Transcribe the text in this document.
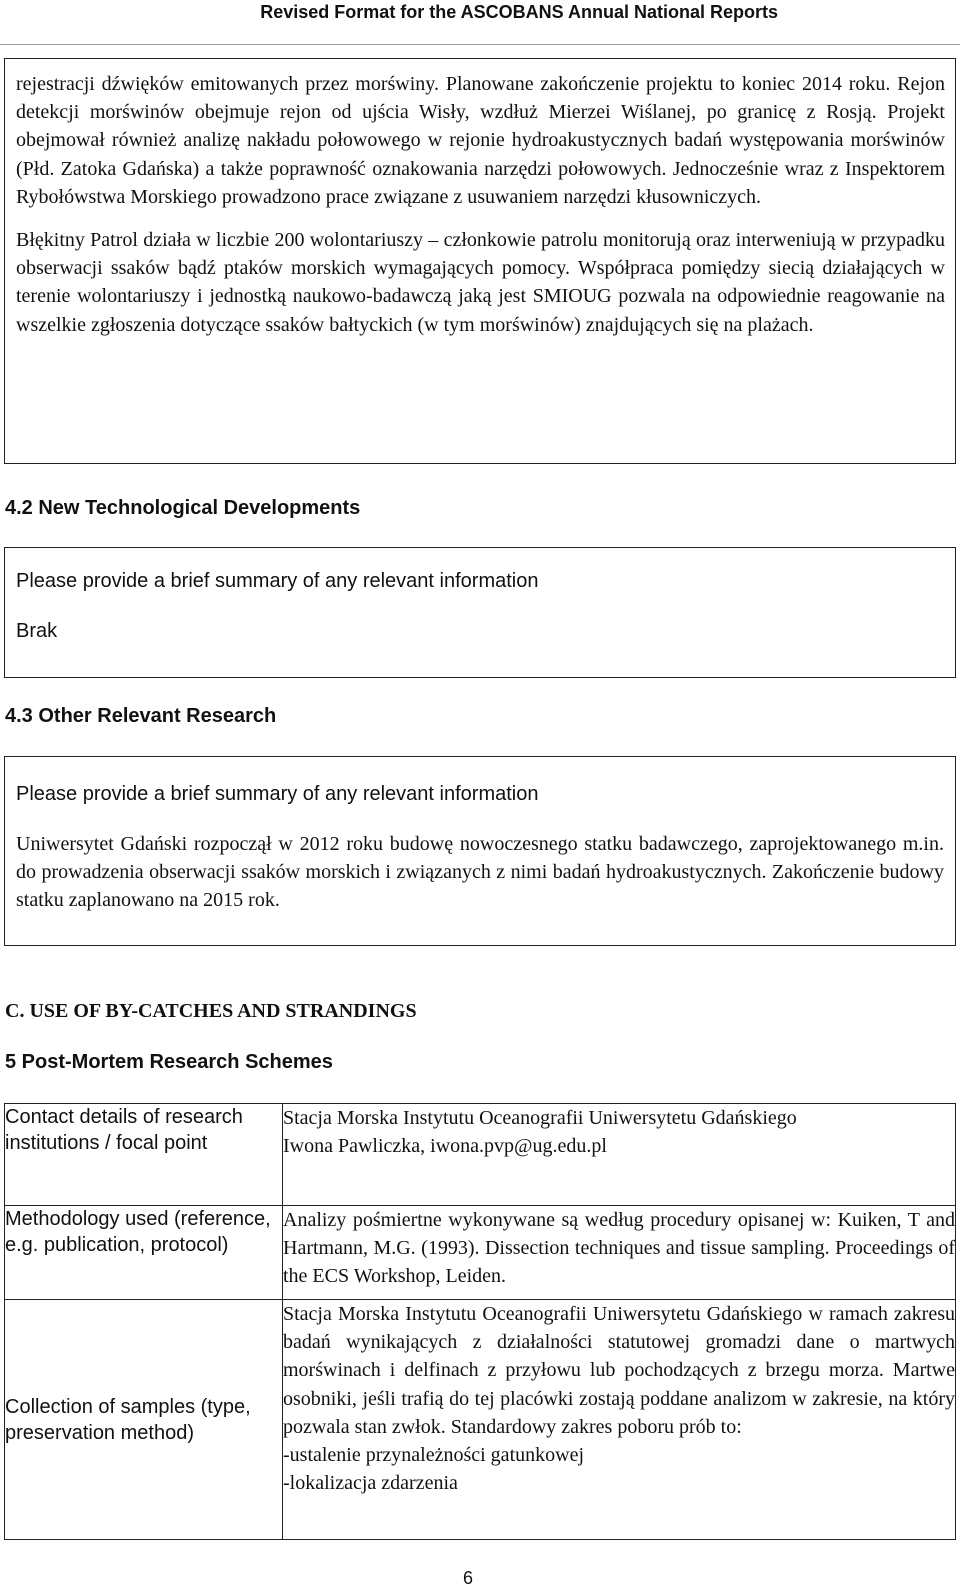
Revised Format for the ASCOBANS Annual National Reports

rejestracji dźwięków emitowanych przez morświny. Planowane zakończenie projektu to koniec 2014 roku. Rejon detekcji morświnów obejmuje rejon od ujścia Wisły, wzdłuż Mierzei Wiślanej, po granicę z Rosją. Projekt obejmował również analizę nakładu połowowego w rejonie hydroakustycznych badań występowania morświnów (Płd. Zatoka Gdańska) a także poprawność oznakowania narzędzi połowowych. Jednocześnie wraz z Inspektorem Rybołówstwa Morskiego prowadzono prace związane z usuwaniem narzędzi kłusowniczych.

Błękitny Patrol działa w liczbie 200 wolontariuszy – członkowie patrolu monitorują oraz interweniują w przypadku obserwacji ssaków bądź ptaków morskich wymagających pomocy. Współpraca pomiędzy siecią działających w terenie wolontariuszy i jednostką naukowo-badawczą jaką jest SMIOUG pozwala na odpowiednie reagowanie na wszelkie zgłoszenia dotyczące ssaków bałtyckich (w tym morświnów) znajdujących się na plażach.

4.2 New Technological Developments

Please provide a brief summary of any relevant information

Brak

4.3 Other Relevant Research

Please provide a brief summary of any relevant information

Uniwersytet Gdański rozpoczął w 2012 roku budowę nowoczesnego statku badawczego, zaprojektowanego m.in. do prowadzenia obserwacji ssaków morskich i związanych z nimi badań hydroakustycznych. Zakończenie budowy statku zaplanowano na 2015 rok.

C. USE OF BY-CATCHES AND STRANDINGS
5 Post-Mortem Research Schemes
Contact details of research institutions / focal point	Stacja Morska Instytutu Oceanografii Uniwersytetu Gdańskiego
Iwona Pawliczka, iwona.pvp@ug.edu.pl

Methodology used (reference, e.g. publication, protocol)	Analizy pośmiertne wykonywane są według procedury opisanej w: Kuiken, T and Hartmann, M.G. (1993). Dissection techniques and tissue sampling. Proceedings of the ECS Workshop, Leiden.

Collection of samples (type, preservation method)	Stacja Morska Instytutu Oceanografii Uniwersytetu Gdańskiego w ramach zakresu badań wynikających z działalności statutowej gromadzi dane o martwych morświnach i delfinach z przyłowu lub pochodzących z brzegu morza. Martwe osobniki, jeśli trafią do tej placówki zostają poddane analizom w zakresie, na który pozwala stan zwłok. Standardowy zakres poboru prób to:
-ustalenie przynależności gatunkowej
-lokalizacja zdarzenia
6
